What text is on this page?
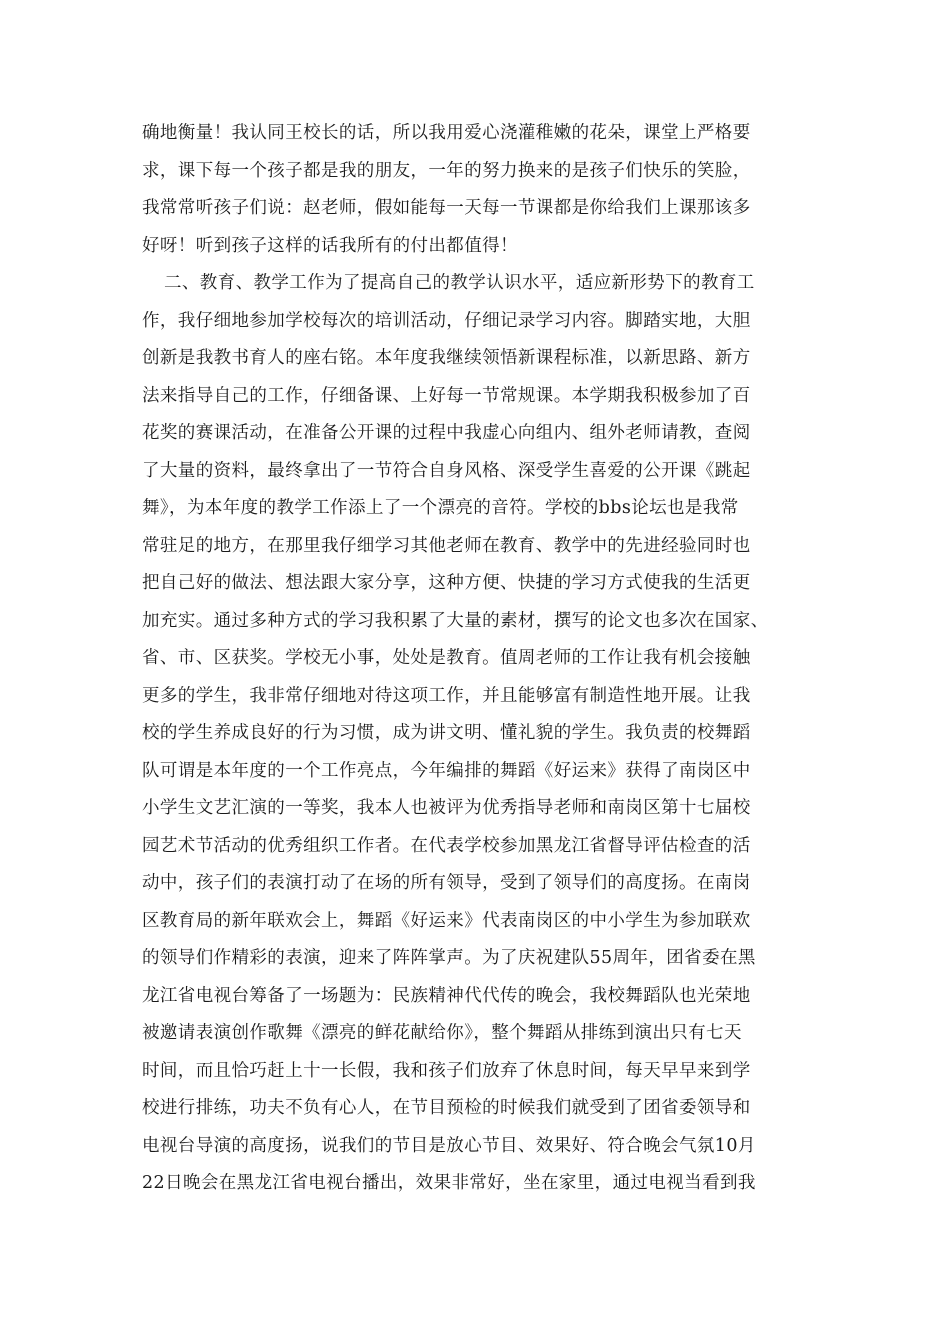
确地衡量！我认同王校长的话，所以我用爱心浇灌稚嫩的花朵，课堂上严格要
求，课下每一个孩子都是我的朋友，一年的努力换来的是孩子们快乐的笑脸，
我常常听孩子们说：赵老师，假如能每一天每一节课都是你给我们上课那该多
好呀！听到孩子这样的话我所有的付出都值得！
二、教育、教学工作为了提高自己的教学认识水平，适应新形势下的教育工
作，我仔细地参加学校每次的培训活动，仔细记录学习内容。脚踏实地，大胆
创新是我教书育人的座右铭。本年度我继续领悟新课程标准，以新思路、新方
法来指导自己的工作，仔细备课、上好每一节常规课。本学期我积极参加了百
花奖的赛课活动，在准备公开课的过程中我虚心向组内、组外老师请教，查阅
了大量的资料，最终拿出了一节符合自身风格、深受学生喜爱的公开课《跳起
舞》，为本年度的教学工作添上了一个漂亮的音符。学校的bbs论坛也是我常
常驻足的地方，在那里我仔细学习其他老师在教育、教学中的先进经验同时也
把自己好的做法、想法跟大家分享，这种方便、快捷的学习方式使我的生活更
加充实。通过多种方式的学习我积累了大量的素材，撰写的论文也多次在国家、
省、市、区获奖。学校无小事，处处是教育。值周老师的工作让我有机会接触
更多的学生，我非常仔细地对待这项工作，并且能够富有制造性地开展。让我
校的学生养成良好的行为习惯，成为讲文明、懂礼貌的学生。我负责的校舞蹈
队可谓是本年度的一个工作亮点，今年编排的舞蹈《好运来》获得了南岗区中
小学生文艺汇演的一等奖，我本人也被评为优秀指导老师和南岗区第十七届校
园艺术节活动的优秀组织工作者。在代表学校参加黑龙江省督导评估检查的活
动中，孩子们的表演打动了在场的所有领导，受到了领导们的高度扬。在南岗
区教育局的新年联欢会上，舞蹈《好运来》代表南岗区的中小学生为参加联欢
的领导们作精彩的表演，迎来了阵阵掌声。为了庆祝建队55周年，团省委在黑
龙江省电视台筹备了一场题为：民族精神代代传的晚会，我校舞蹈队也光荣地
被邀请表演创作歌舞《漂亮的鲜花献给你》，整个舞蹈从排练到演出只有七天
时间，而且恰巧赶上十一长假，我和孩子们放弃了休息时间，每天早早来到学
校进行排练，功夫不负有心人，在节目预检的时候我们就受到了团省委领导和
电视台导演的高度扬，说我们的节目是放心节目、效果好、符合晚会气氛10月
22日晚会在黑龙江省电视台播出，效果非常好，坐在家里，通过电视当看到我
